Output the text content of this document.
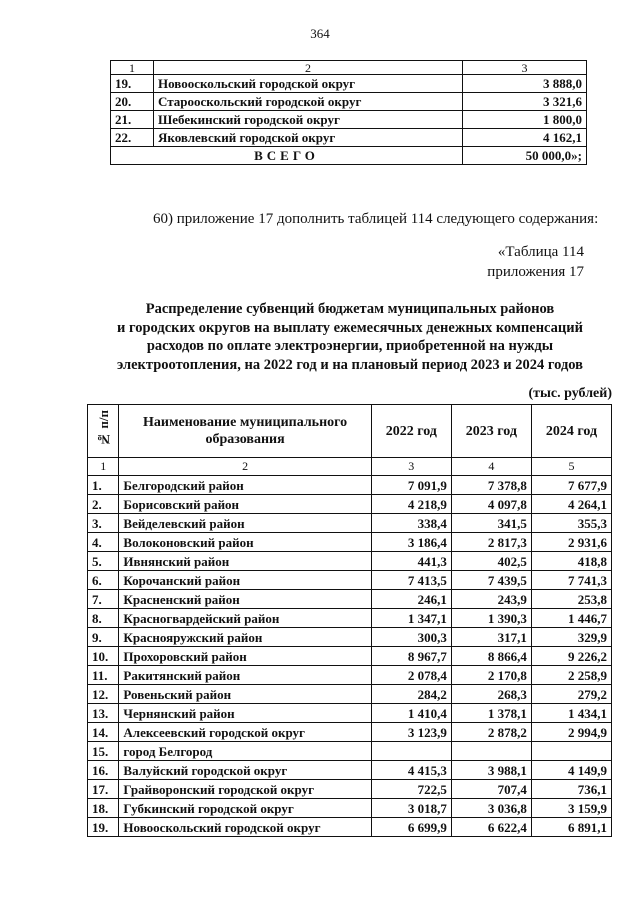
364
1	2	3
19.	Новооскольский городской округ	3 888,0
20.	Старооскольский городской округ	3 321,6
21.	Шебекинский городской округ	1 800,0
22.	Яковлевский городской округ	4 162,1
ВСЕГО		50 000,0»;
60) приложение 17 дополнить таблицей 114 следующего содержания:
«Таблица 114
приложения 17
Распределение субвенций бюджетам муниципальных районов
и городских округов на выплату ежемесячных денежных компенсаций
расходов по оплате электроэнергии, приобретенной на нужды
электроотопления, на 2022 год и на плановый период 2023 и 2024 годов
(тыс. рублей)
№ п/п	Наименование муниципального образования	2022 год	2023 год	2024 год
1	2	3	4	5
1.	Белгородский район	7 091,9	7 378,8	7 677,9
2.	Борисовский район	4 218,9	4 097,8	4 264,1
3.	Вейделевский район	338,4	341,5	355,3
4.	Волоконовский район	3 186,4	2 817,3	2 931,6
5.	Ивнянский район	441,3	402,5	418,8
6.	Корочанский район	7 413,5	7 439,5	7 741,3
7.	Красненский район	246,1	243,9	253,8
8.	Красногвардейский район	1 347,1	1 390,3	1 446,7
9.	Краснояружский район	300,3	317,1	329,9
10.	Прохоровский район	8 967,7	8 866,4	9 226,2
11.	Ракитянский район	2 078,4	2 170,8	2 258,9
12.	Ровеньский район	284,2	268,3	279,2
13.	Чернянский район	1 410,4	1 378,1	1 434,1
14.	Алексеевский городской округ	3 123,9	2 878,2	2 994,9
15.	город Белгород			
16.	Валуйский городской округ	4 415,3	3 988,1	4 149,9
17.	Грайворонский городской округ	722,5	707,4	736,1
18.	Губкинский городской округ	3 018,7	3 036,8	3 159,9
19.	Новооскольский городской округ	6 699,9	6 622,4	6 891,1
